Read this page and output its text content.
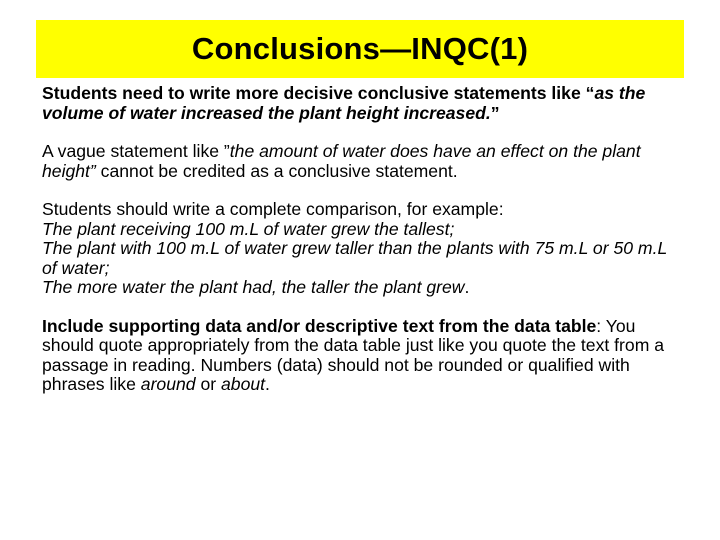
Conclusions—INQC(1)

Students need to write more decisive conclusive statements like “as the volume of water increased the plant height increased.”

A vague statement like ”the amount of water does have an effect on the plant height” cannot be credited as a conclusive statement.

Students should write a complete comparison, for example:

The plant receiving 100 m.L of water grew the tallest;

The plant with 100 m.L of water grew taller than the plants with 75 m.L or 50 m.L of water;

The more water the plant had, the taller the plant grew.

Include supporting data and/or descriptive text from the data table: You should quote appropriately from the data table just like you quote the text from a passage in reading. Numbers (data) should not be rounded or qualified with phrases like around or about.
